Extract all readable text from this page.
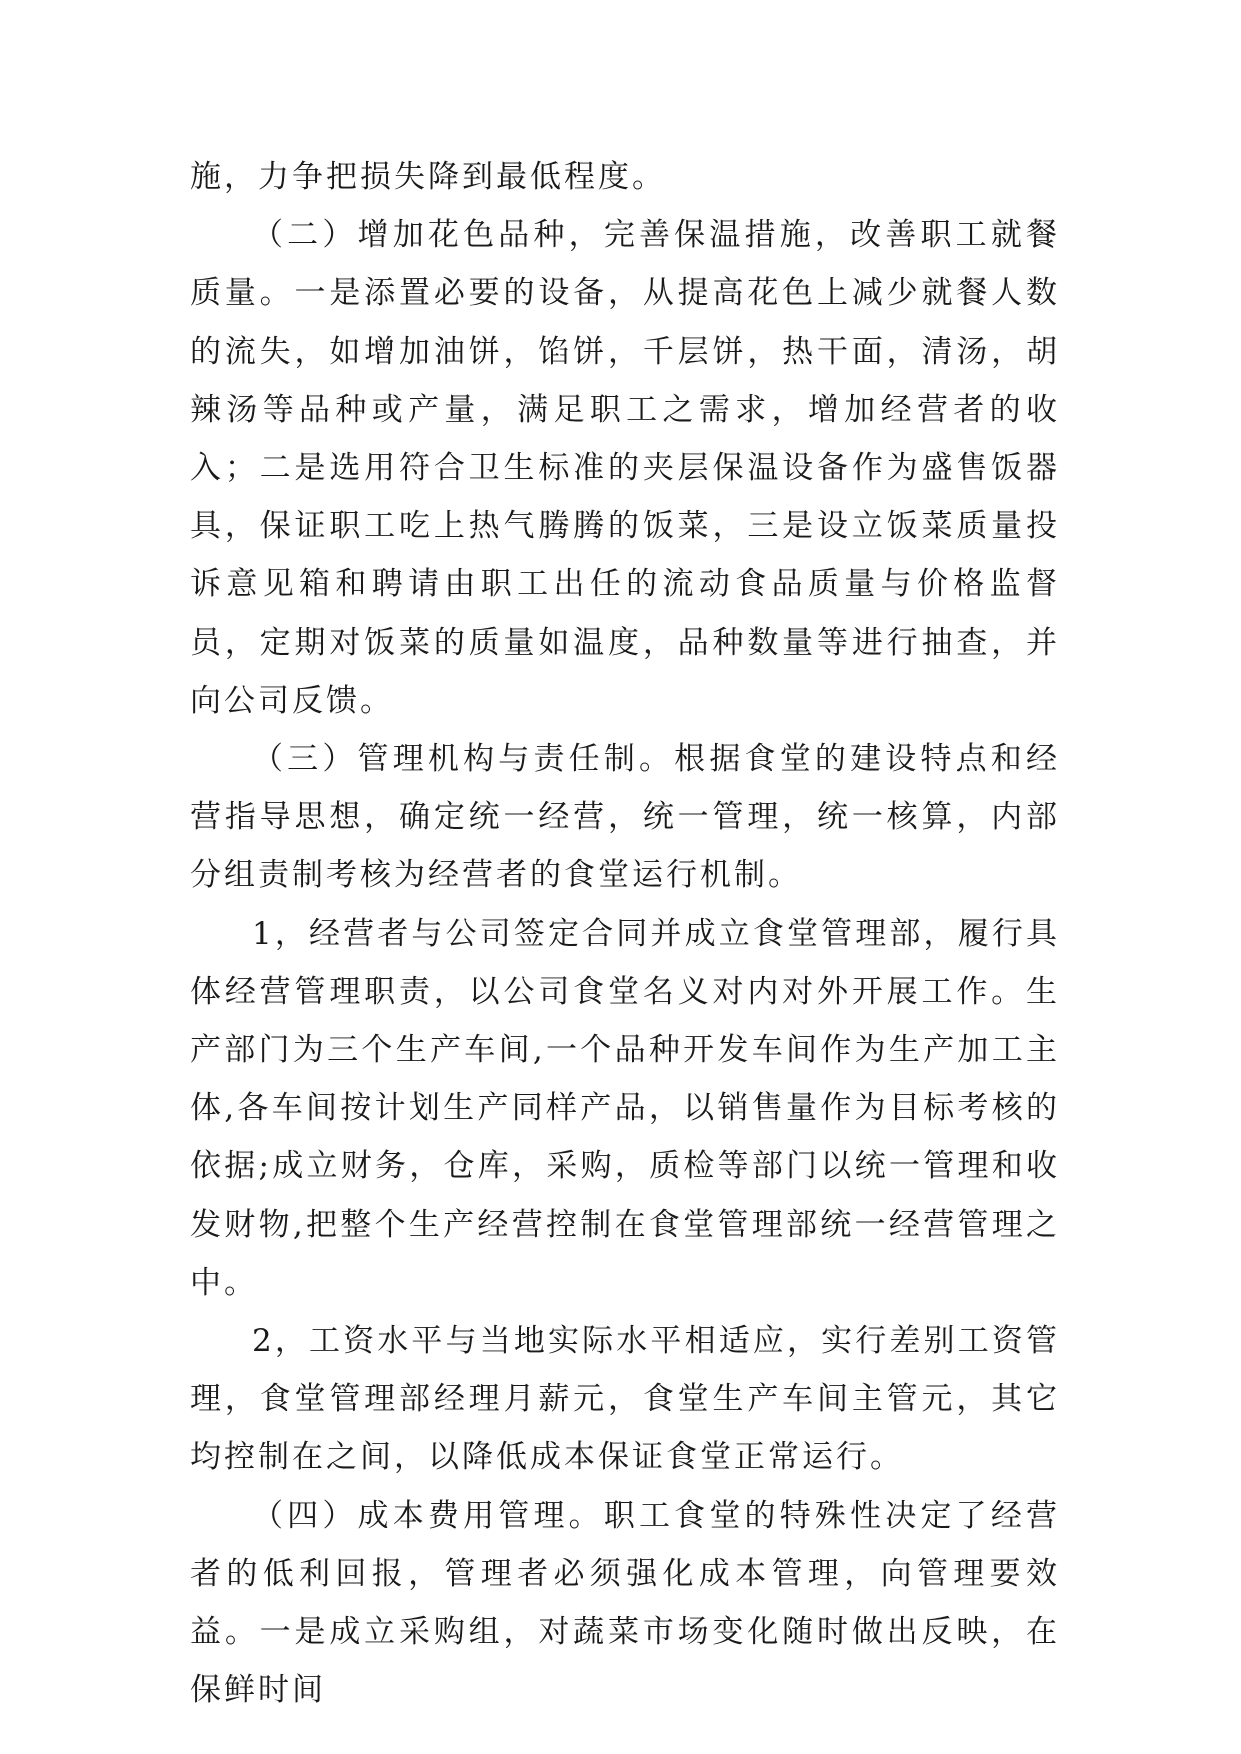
施，力争把损失降到最低程度。

（二）增加花色品种，完善保温措施，改善职工就餐质量。一是添置必要的设备，从提高花色上减少就餐人数的流失，如增加油饼，馅饼，千层饼，热干面，清汤，胡辣汤等品种或产量，满足职工之需求，增加经营者的收入；二是选用符合卫生标准的夹层保温设备作为盛售饭器具，保证职工吃上热气腾腾的饭菜，三是设立饭菜质量投诉意见箱和聘请由职工出任的流动食品质量与价格监督员，定期对饭菜的质量如温度，品种数量等进行抽查，并向公司反馈。

（三）管理机构与责任制。根据食堂的建设特点和经营指导思想，确定统一经营，统一管理，统一核算，内部分组责制考核为经营者的食堂运行机制。

1，经营者与公司签定合同并成立食堂管理部，履行具体经营管理职责，以公司食堂名义对内对外开展工作。生产部门为三个生产车间,一个品种开发车间作为生产加工主体,各车间按计划生产同样产品，以销售量作为目标考核的依据;成立财务，仓库，采购，质检等部门以统一管理和收发财物,把整个生产经营控制在食堂管理部统一经营管理之中。

2，工资水平与当地实际水平相适应，实行差别工资管理，食堂管理部经理月薪元，食堂生产车间主管元，其它均控制在之间，以降低成本保证食堂正常运行。

（四）成本费用管理。职工食堂的特殊性决定了经营者的低利回报，管理者必须强化成本管理，向管理要效益。一是成立采购组，对蔬菜市场变化随时做出反映，在保鲜时间
